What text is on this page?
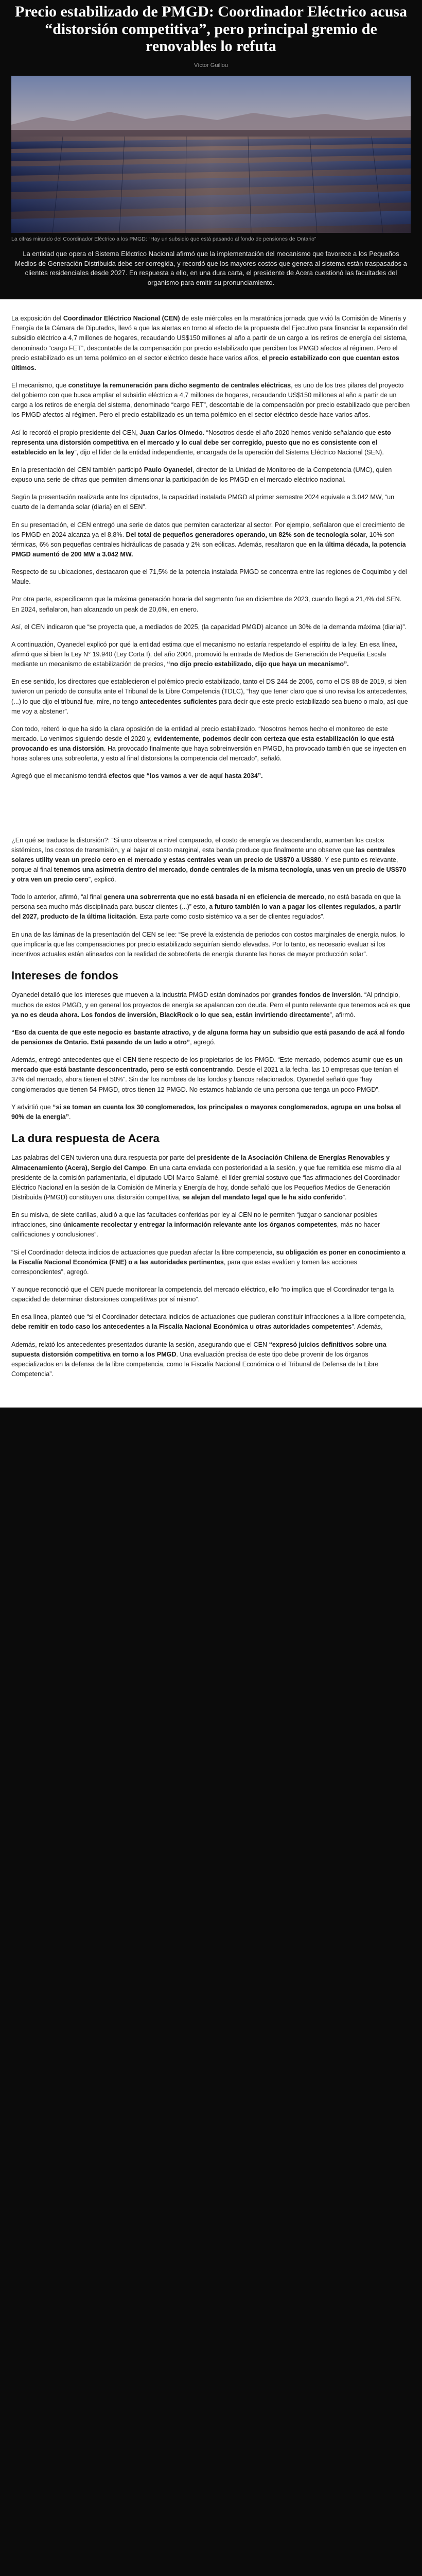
Precio estabilizado de PMGD: Coordinador Eléctrico acusa “distorsión competitiva”, pero principal gremio de renovables lo refuta
Víctor Guillou
La cifras mirando del Coordinador Eléctrico a los PMGD: “Hay un subsidio que está pasando al fondo de pensiones de Ontario”

La entidad que opera el Sistema Eléctrico Nacional afirmó que la implementación del mecanismo que favorece a los Pequeños Medios de Generación Distribuida debe ser corregida, y recordó que los mayores costos que genera al sistema están traspasados a clientes residenciales desde 2027. En respuesta a ello, en una dura carta, el presidente de Acera cuestionó las facultades del organismo para emitir su pronunciamiento.

La exposición del Coordinador Eléctrico Nacional (CEN) de este miércoles en la maratónica jornada que vivió la Comisión de Minería y Energía de la Cámara de Diputados, llevó a que las alertas en torno al efecto de la propuesta del Ejecutivo para financiar la expansión del subsidio eléctrico a 4,7 millones de hogares, recaudando US$150 millones al año a partir de un cargo a los retiros de energía del sistema, denominado “cargo FET”, descontable de la compensación por precio estabilizado que perciben los PMGD afectos al régimen. Pero el precio estabilizado es un tema polémico en el sector eléctrico desde hace varios años, el precio estabilizado con que cuentan estos últimos.

El mecanismo, que constituye la remuneración para dicho segmento de centrales eléctricas, es uno de los tres pilares del proyecto del gobierno con que busca ampliar el subsidio eléctrico a 4,7 millones de hogares, recaudando US$150 millones al año a partir de un cargo a los retiros de energía del sistema, denominado “cargo FET”, descontable de la compensación por precio estabilizado que perciben los PMGD afectos al régimen. Pero el precio estabilizado es un tema polémico en el sector eléctrico desde hace varios años.

Así lo recordó el propio presidente del CEN, Juan Carlos Olmedo. “Nosotros desde el año 2020 hemos venido señalando que esto representa una distorsión competitiva en el mercado y lo cual debe ser corregido, puesto que no es consistente con el establecido en la ley”, dijo el líder de la entidad independiente, encargada de la operación del Sistema Eléctrico Nacional (SEN).

En la presentación del CEN también participó Paulo Oyanedel, director de la Unidad de Monitoreo de la Competencia (UMC), quien expuso una serie de cifras que permiten dimensionar la participación de los PMGD en el mercado eléctrico nacional.

Según la presentación realizada ante los diputados, la capacidad instalada PMGD al primer semestre 2024 equivale a 3.042 MW, “un cuarto de la demanda solar (diaria) en el SEN”.

En su presentación, el CEN entregó una serie de datos que permiten caracterizar al sector. Por ejemplo, señalaron que el crecimiento de los PMGD en 2024 alcanza ya el 8,8%. Del total de pequeños generadores operando, un 82% son de tecnología solar, 10% son térmicas, 6% son pequeñas centrales hidráulicas de pasada y 2% son eólicas. Además, resaltaron que en la última década, la potencia PMGD aumentó de 200 MW a 3.042 MW.

Respecto de su ubicaciones, destacaron que el 71,5% de la potencia instalada PMGD se concentra entre las regiones de Coquimbo y del Maule.

Por otra parte, especificaron que la máxima generación horaria del segmento fue en diciembre de 2023, cuando llegó a 21,4% del SEN. En 2024, señalaron, han alcanzado un peak de 20,6%, en enero.

Así, el CEN indicaron que “se proyecta que, a mediados de 2025, (la capacidad PMGD) alcance un 30% de la demanda máxima (diaria)”.

A continuación, Oyanedel explicó por qué la entidad estima que el mecanismo no estaría respetando el espíritu de la ley. En esa línea, afirmó que si bien la Ley N° 19.940 (Ley Corta I), del año 2004, promovió la entrada de Medios de Generación de Pequeña Escala mediante un mecanismo de estabilización de precios, “no dijo precio estabilizado, dijo que haya un mecanismo”.

En ese sentido, los directores que establecieron el polémico precio estabilizado, tanto el DS 244 de 2006, como el DS 88 de 2019, si bien tuvieron un periodo de consulta ante el Tribunal de la Libre Competencia (TDLC), “hay que tener claro que si uno revisa los antecedentes, (...) lo que dijo el tribunal fue, mire, no tengo antecedentes suficientes para decir que este precio estabilizado sea bueno o malo, así que me voy a abstener”.

Con todo, reiteró lo que ha sido la clara oposición de la entidad al precio estabilizado. “Nosotros hemos hecho el monitoreo de este mercado. Lo venimos siguiendo desde el 2020 y, evidentemente, podemos decir con certeza que esta estabilización lo que está provocando es una distorsión. Ha provocado finalmente que haya sobreinversión en PMGD, ha provocado también que se inyecten en horas solares una sobreoferta, y esto al final distorsiona la competencia del mercado”, señaló.

Agregó que el mecanismo tendrá efectos que “los vamos a ver de aquí hasta 2034”.

¿En qué se traduce la distorsión?: “Si uno observa a nivel comparado, el costo de energía va descendiendo, aumentan los costos sistémicos, los costos de transmisión, y al bajar el costo marginal, esta banda produce que finalmente uno observe que las centrales solares utility vean un precio cero en el mercado y estas centrales vean un precio de US$70 a US$80. Y ese punto es relevante, porque al final tenemos una asimetría dentro del mercado, donde centrales de la misma tecnología, unas ven un precio de US$70 y otra ven un precio cero”, explicó.

Todo lo anterior, afirmó, “al final genera una sobrerrenta que no está basada ni en eficiencia de mercado, no está basada en que la persona sea mucho más disciplinada para buscar clientes (...)” esto, a futuro también lo van a pagar los clientes regulados, a partir del 2027, producto de la última licitación. Esta parte como costo sistémico va a ser de clientes regulados”.

En una de las láminas de la presentación del CEN se lee: “Se prevé la existencia de periodos con costos marginales de energía nulos, lo que implicaría que las compensaciones por precio estabilizado seguirían siendo elevadas. Por lo tanto, es necesario evaluar si los incentivos actuales están alineados con la realidad de sobreoferta de energía durante las horas de mayor producción solar”.

Intereses de fondos

Oyanedel detalló que los intereses que mueven a la industria PMGD están dominados por grandes fondos de inversión. “Al principio, muchos de estos PMGD, y en general los proyectos de energía se apalancan con deuda. Pero el punto relevante que tenemos acá es que ya no es deuda ahora. Los fondos de inversión, BlackRock o lo que sea, están invirtiendo directamente”, afirmó.

“Eso da cuenta de que este negocio es bastante atractivo, y de alguna forma hay un subsidio que está pasando de acá al fondo de pensiones de Ontario. Está pasando de un lado a otro”, agregó.

Además, entregó antecedentes que el CEN tiene respecto de los propietarios de los PMGD. “Este mercado, podemos asumir que es un mercado que está bastante desconcentrado, pero se está concentrando. Desde el 2021 a la fecha, las 10 empresas que tenían el 37% del mercado, ahora tienen el 50%”. Sin dar los nombres de los fondos y bancos relacionados, Oyanedel señaló que “hay conglomerados que tienen 54 PMGD, otros tienen 12 PMGD. No estamos hablando de una persona que tenga un poco PMGD”.

Y advirtió que “si se toman en cuenta los 30 conglomerados, los principales o mayores conglomerados, agrupa en una bolsa el 90% de la energía”.

La dura respuesta de Acera

Las palabras del CEN tuvieron una dura respuesta por parte del presidente de la Asociación Chilena de Energías Renovables y Almacenamiento (Acera), Sergio del Campo. En una carta enviada con posterioridad a la sesión, y que fue remitida ese mismo día al presidente de la comisión parlamentaria, el diputado UDI Marco Salamé, el líder gremial sostuvo que “las afirmaciones del Coordinador Eléctrico Nacional en la sesión de la Comisión de Minería y Energía de hoy, donde señaló que los Pequeños Medios de Generación Distribuida (PMGD) constituyen una distorsión competitiva, se alejan del mandato legal que le ha sido conferido”.

En su misiva, de siete carillas, aludió a que las facultades conferidas por ley al CEN no le permiten “juzgar o sancionar posibles infracciones, sino únicamente recolectar y entregar la información relevante ante los órganos competentes, más no hacer calificaciones y conclusiones”.

“Si el Coordinador detecta indicios de actuaciones que puedan afectar la libre competencia, su obligación es poner en conocimiento a la Fiscalía Nacional Económica (FNE) o a las autoridades pertinentes, para que estas evalúen y tomen las acciones correspondientes”, agregó.

Y aunque reconoció que el CEN puede monitorear la competencia del mercado eléctrico, ello “no implica que el Coordinador tenga la capacidad de determinar distorsiones competitivas por sí mismo”.

En esa línea, planteó que “si el Coordinador detectara indicios de actuaciones que pudieran constituir infracciones a la libre competencia, debe remitir en todo caso los antecedentes a la Fiscalía Nacional Económica u otras autoridades competentes”. Además,

Además, relató los antecedentes presentados durante la sesión, asegurando que el CEN “expresó juicios definitivos sobre una supuesta distorsión competitiva en torno a los PMGD. Una evaluación precisa de este tipo debe provenir de los órganos especializados en la defensa de la libre competencia, como la Fiscalía Nacional Económica o el Tribunal de Defensa de la Libre Competencia”.
